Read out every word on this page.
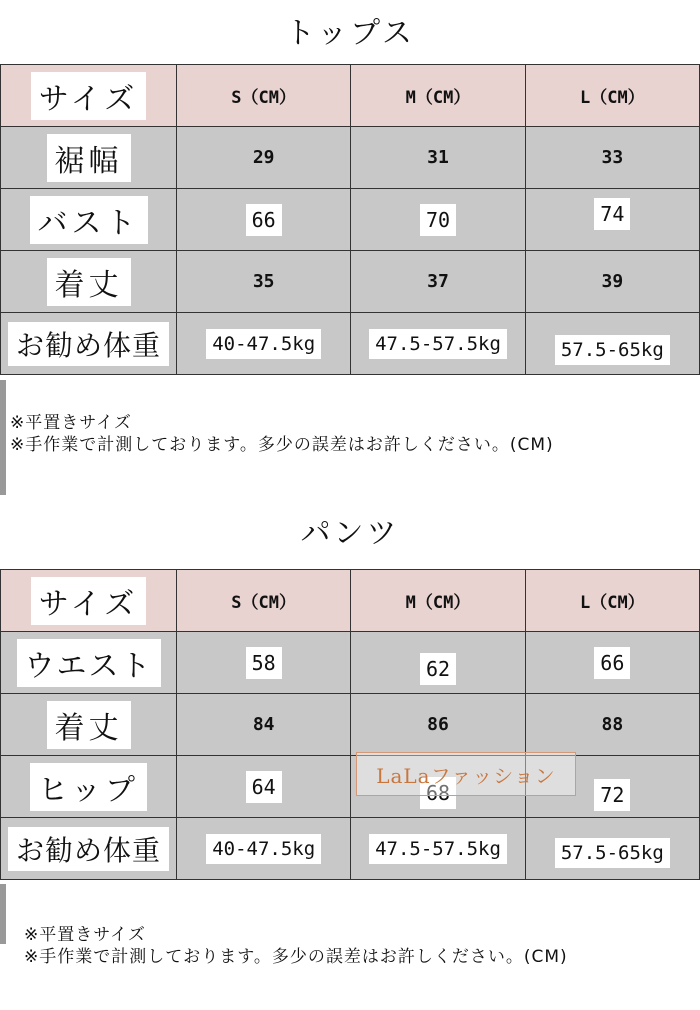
トップス
サイズ	S（CM）	M（CM）	L（CM）
裾幅	29	31	33
バスト	66	70	74
着丈	35	37	39
お勧め体重	40-47.5kg	47.5-57.5kg	57.5-65kg
※平置きサイズ
※手作業で計測しております。多少の誤差はお許しください。(CM)
パンツ
サイズ	S（CM）	M（CM）	L（CM）
ウエスト	58	62	66
着丈	84	86	88
ヒップ	64	68	72
お勧め体重	40-47.5kg	47.5-57.5kg	57.5-65kg
LaLaファッション
※平置きサイズ
※手作業で計測しております。多少の誤差はお許しください。(CM)
